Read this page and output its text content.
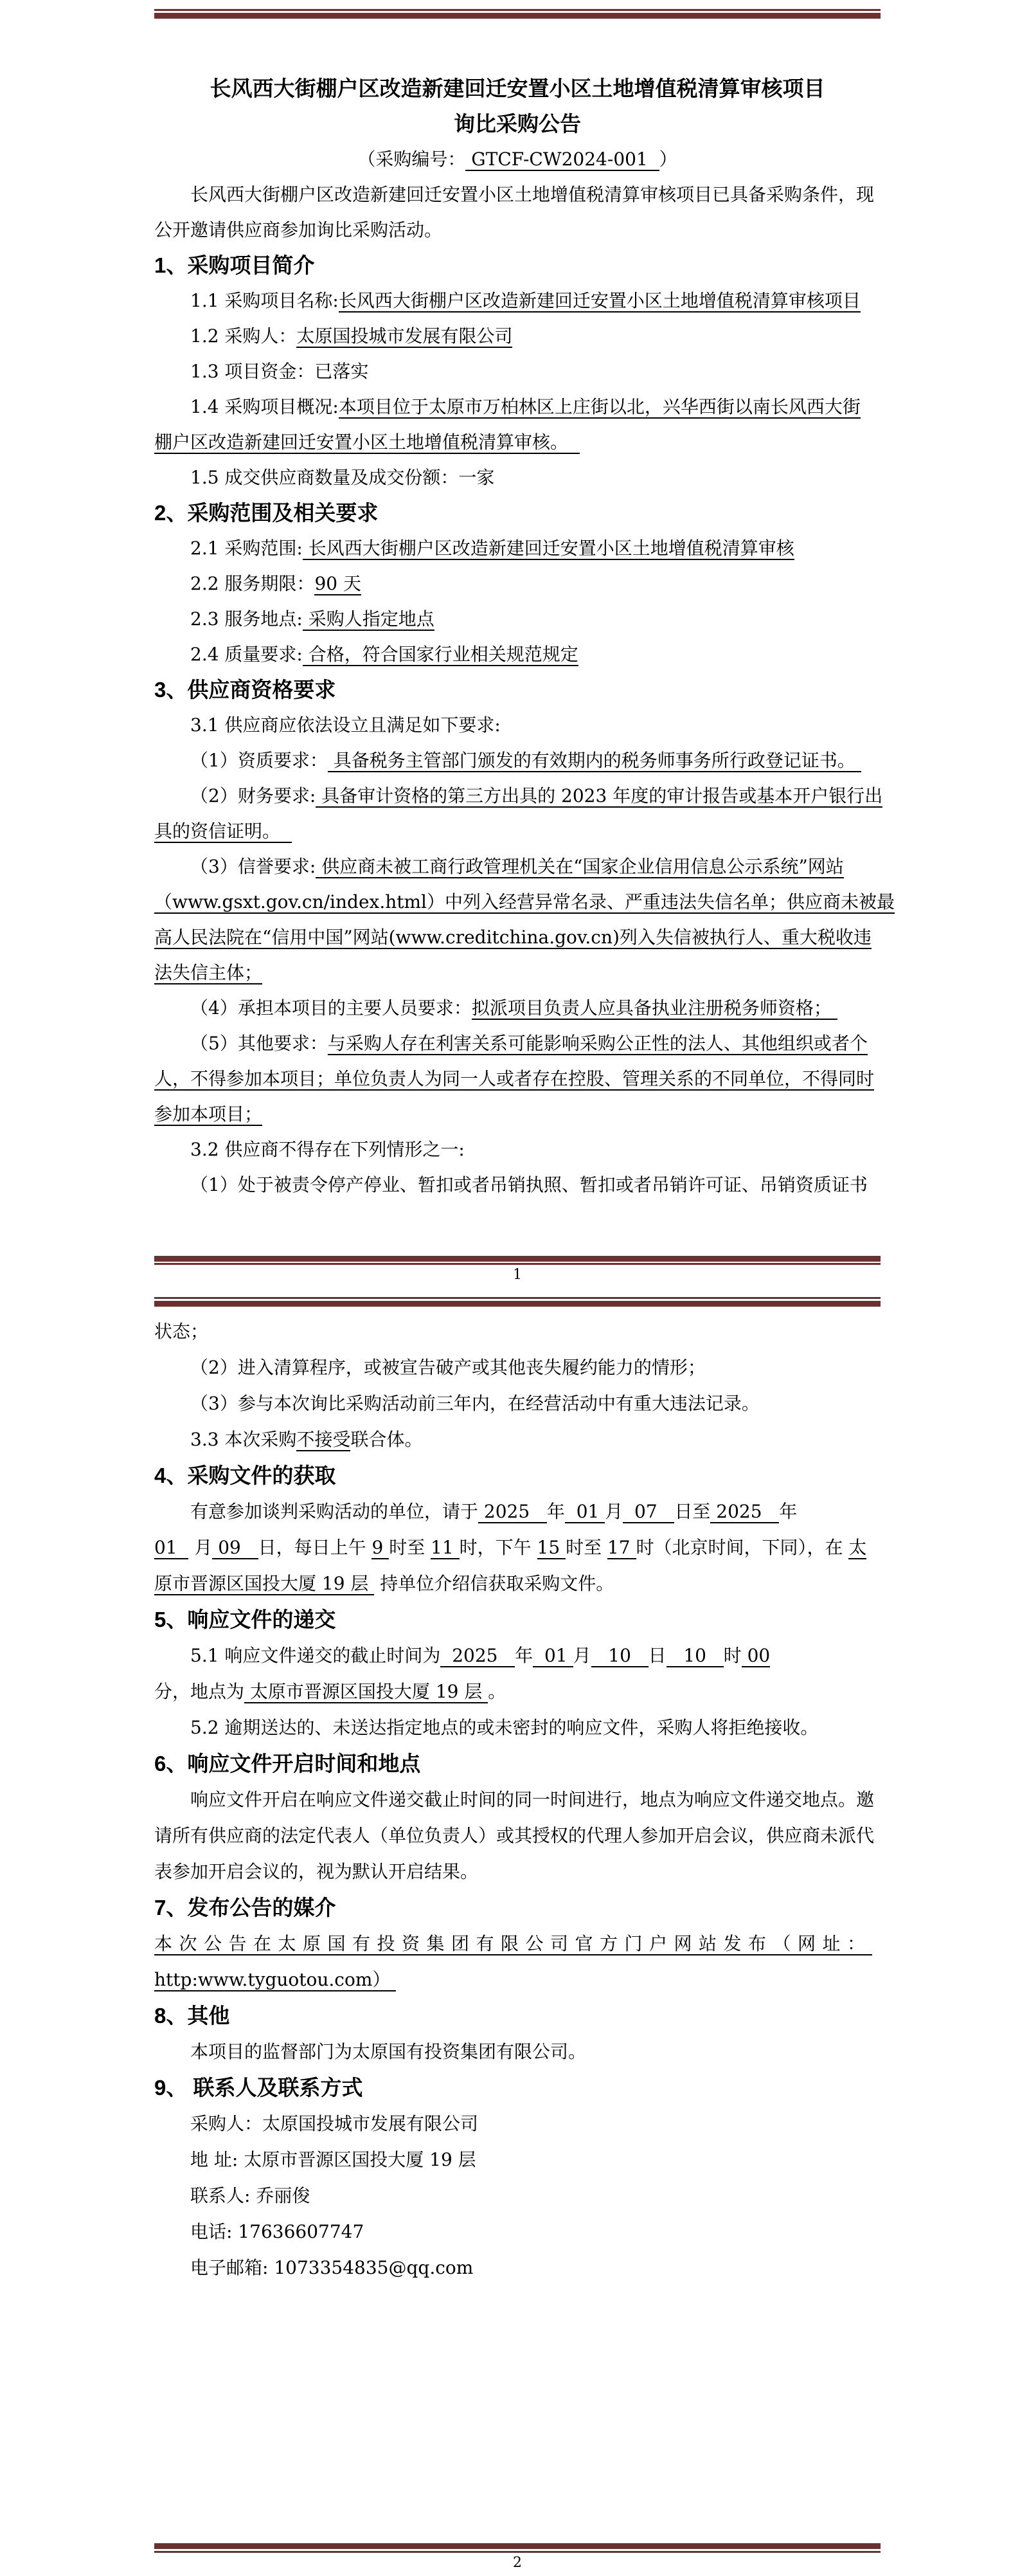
长风西大街棚户区改造新建回迁安置小区土地增值税清算审核项目
询比采购公告
（采购编号： GTCF-CW2024-001  ）
长风西大街棚户区改造新建回迁安置小区土地增值税清算审核项目已具备采购条件，现
公开邀请供应商参加询比采购活动。
1、采购项目简介
1.1 采购项目名称:长风西大街棚户区改造新建回迁安置小区土地增值税清算审核项目
1.2 采购人：太原国投城市发展有限公司
1.3 项目资金：已落实
1.4 采购项目概况:本项目位于太原市万柏林区上庄街以北，兴华西街以南长风西大街
棚户区改造新建回迁安置小区土地增值税清算审核。
1.5 成交供应商数量及成交份额：一家
2、采购范围及相关要求
2.1 采购范围: 长风西大街棚户区改造新建回迁安置小区土地增值税清算审核
2.2 服务期限：90 天
2.3 服务地点: 采购人指定地点
2.4 质量要求: 合格，符合国家行业相关规范规定
3、供应商资格要求
3.1 供应商应依法设立且满足如下要求:
（1）资质要求： 具备税务主管部门颁发的有效期内的税务师事务所行政登记证书。
（2）财务要求: 具备审计资格的第三方出具的 2023 年度的审计报告或基本开户银行出
具的资信证明。
（3）信誉要求: 供应商未被工商行政管理机关在“国家企业信用信息公示系统”网站
（www.gsxt.gov.cn/index.html）中列入经营异常名录、严重违法失信名单；供应商未被最
高人民法院在“信用中国”网站(www.creditchina.gov.cn)列入失信被执行人、重大税收违
法失信主体；
（4）承担本项目的主要人员要求：拟派项目负责人应具备执业注册税务师资格；
（5）其他要求：与采购人存在利害关系可能影响采购公正性的法人、其他组织或者个
人，不得参加本项目；单位负责人为同一人或者存在控股、管理关系的不同单位，不得同时
参加本项目；
3.2 供应商不得存在下列情形之一:
（1）处于被责令停产停业、暂扣或者吊销执照、暂扣或者吊销许可证、吊销资质证书
1
状态；
（2）进入清算程序，或被宣告破产或其他丧失履约能力的情形；
（3）参与本次询比采购活动前三年内，在经营活动中有重大违法记录。
3.3 本次采购不接受联合体。
4、采购文件的获取
有意参加谈判采购活动的单位，请于 2025   年  01 月  07   日至 2025   年
01   月 09   日，每日上午 9 时至 11 时，下午 15 时至 17 时（北京时间，下同），在 太
原市晋源区国投大厦 19 层  持单位介绍信获取采购文件。
5、响应文件的递交
5.1 响应文件递交的截止时间为  2025   年  01 月   10   日   10   时 00
分，地点为 太原市晋源区国投大厦 19 层 。
5.2 逾期送达的、未送达指定地点的或未密封的响应文件，采购人将拒绝接收。
6、响应文件开启时间和地点
响应文件开启在响应文件递交截止时间的同一时间进行，地点为响应文件递交地点。邀
请所有供应商的法定代表人（单位负责人）或其授权的代理人参加开启会议，供应商未派代
表参加开启会议的，视为默认开启结果。
7、发布公告的媒介
本次公告在太原国有投资集团有限公司官方门户网站发布（网址：
http:www.tyguotou.com）
8、其他
本项目的监督部门为太原国有投资集团有限公司。
9、 联系人及联系方式
采购人：太原国投城市发展有限公司
地 址: 太原市晋源区国投大厦 19 层
联系人: 乔丽俊
电话: 17636607747
电子邮箱: 1073354835@qq.com
2
